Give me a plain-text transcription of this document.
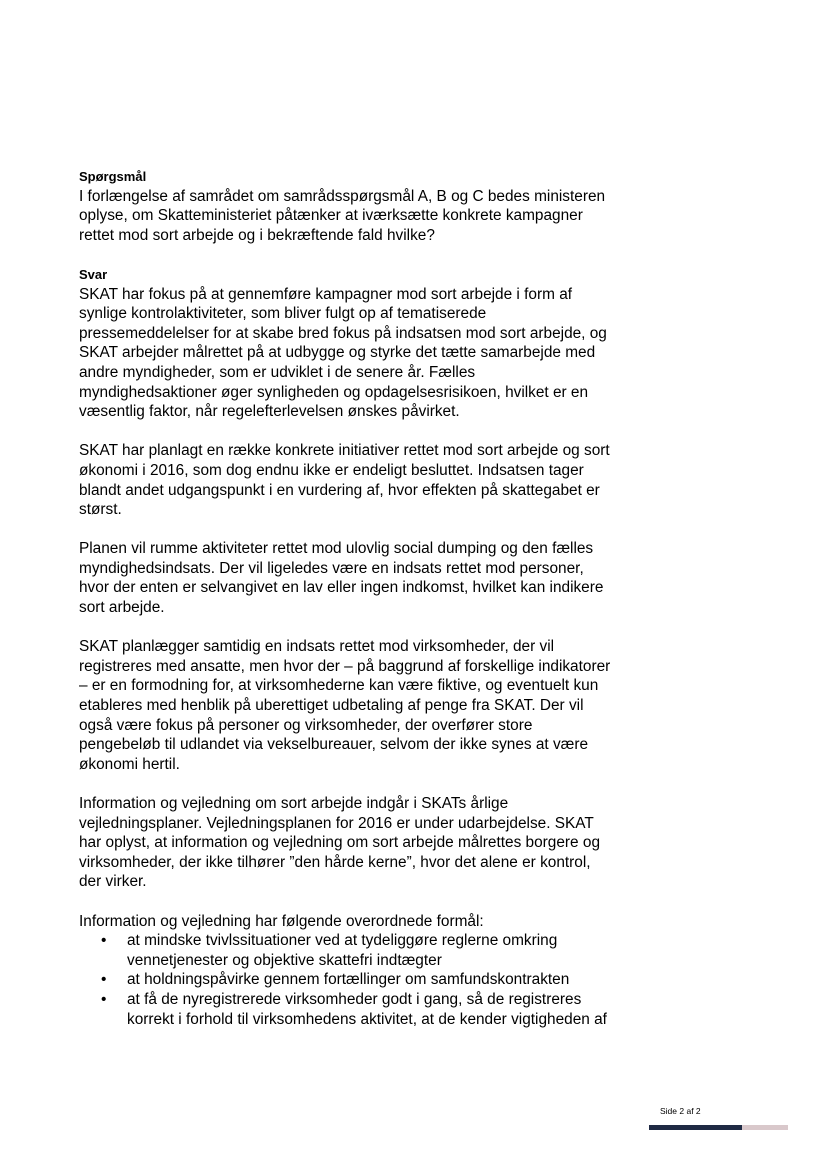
Spørgsmål

I forlængelse af samrådet om samrådsspørgsmål A, B og C bedes ministeren

oplyse, om Skatteministeriet påtænker at iværksætte konkrete kampagner

rettet mod sort arbejde og i bekræftende fald hvilke?

Svar

SKAT har fokus på at gennemføre kampagner mod sort arbejde i form af

synlige kontrolaktiviteter, som bliver fulgt op af tematiserede

pressemeddelelser for at skabe bred fokus på indsatsen mod sort arbejde, og

SKAT arbejder målrettet på at udbygge og styrke det tætte samarbejde med

andre myndigheder, som er udviklet i de senere år. Fælles

myndighedsaktioner øger synligheden og opdagelsesrisikoen, hvilket er en

væsentlig faktor, når regelefterlevelsen ønskes påvirket.

SKAT har planlagt en række konkrete initiativer rettet mod sort arbejde og sort

økonomi i 2016, som dog endnu ikke er endeligt besluttet. Indsatsen tager

blandt andet udgangspunkt i en vurdering af, hvor effekten på skattegabet er

størst.

Planen vil rumme aktiviteter rettet mod ulovlig social dumping og den fælles

myndighedsindsats. Der vil ligeledes være en indsats rettet mod personer,

hvor der enten er selvangivet en lav eller ingen indkomst, hvilket kan indikere

sort arbejde.

SKAT planlægger samtidig en indsats rettet mod virksomheder, der vil

registreres med ansatte, men hvor der – på baggrund af forskellige indikatorer

– er en formodning for, at virksomhederne kan være fiktive, og eventuelt kun

etableres med henblik på uberettiget udbetaling af penge fra SKAT. Der vil

også være fokus på personer og virksomheder, der overfører store

pengebeløb til udlandet via vekselbureauer, selvom der ikke synes at være

økonomi hertil.

Information og vejledning om sort arbejde indgår i SKATs årlige

vejledningsplaner. Vejledningsplanen for 2016 er under udarbejdelse. SKAT

har oplyst, at information og vejledning om sort arbejde målrettes borgere og

virksomheder, der ikke tilhører ”den hårde kerne”, hvor det alene er kontrol,

der virker.

Information og vejledning har følgende overordnede formål:

• at mindske tvivlssituationer ved at tydeliggøre reglerne omkring

vennetjenester og objektive skattefri indtægter

• at holdningspåvirke gennem fortællinger om samfundskontrakten

• at få de nyregistrerede virksomheder godt i gang, så de registreres

korrekt i forhold til virksomhedens aktivitet, at de kender vigtigheden af

Side 2 af 2
